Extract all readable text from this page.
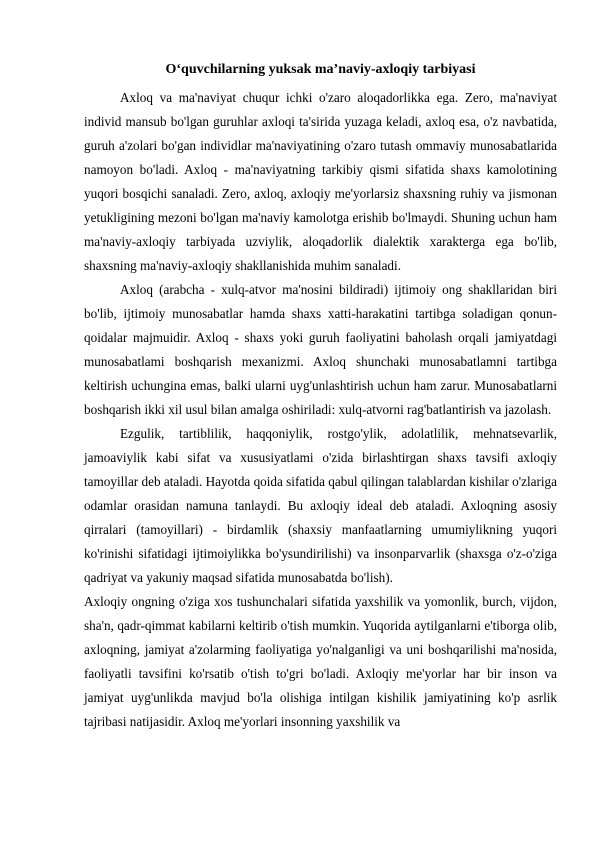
O‘quvchilarning yuksak ma’naviy-axloqiy tarbiyasi

Axloq va ma'naviyat chuqur ichki o'zaro aloqadorlikka ega. Zero, ma'naviyat individ mansub bo'lgan guruhlar axloqi ta'sirida yuzaga keladi, axloq esa, o'z navbatida, guruh a'zolari bo'gan individlar ma'naviyatining o'zaro tutash ommaviy munosabatlarida namoyon bo'ladi. Axloq - ma'naviyatning tarkibiy qismi sifatida shaxs kamolotining yuqori bosqichi sanaladi. Zero, axloq, axloqiy me'yorlarsiz shaxsning ruhiy va jismonan yetukligining mezoni bo'lgan ma'naviy kamolotga erishib bo'lmaydi. Shuning uchun ham ma'naviy-axloqiy tarbiyada uzviylik, aloqadorlik dialektik xarakterga ega bo'lib, shaxsning ma'naviy-axloqiy shakllanishida muhim sanaladi.

Axloq (arabcha - xulq-atvor ma'nosini bildiradi) ijtimoiy ong shakllaridan biri bo'lib, ijtimoiy munosabatlar hamda shaxs xatti-harakatini tartibga soladigan qonun-qoidalar majmuidir. Axloq - shaxs yoki guruh faoliyatini baholash orqali jamiyatdagi munosabatlami boshqarish mexanizmi. Axloq shunchaki munosabatlamni tartibga keltirish uchungina emas, balki ularni uyg'unlashtirish uchun ham zarur. Munosabatlarni boshqarish ikki xil usul bilan amalga oshiriladi: xulq-atvorni rag'batlantirish va jazolash.

Ezgulik, tartiblilik, haqqoniylik, rostgo'ylik, adolatlilik, mehnatsevarlik, jamoaviylik kabi sifat va xususiyatlami o'zida birlashtirgan shaxs tavsifi axloqiy tamoyillar deb ataladi. Hayotda qoida sifatida qabul qilingan talablardan kishilar o'zlariga odamlar orasidan namuna tanlaydi. Bu axloqiy ideal deb ataladi. Axloqning asosiy qirralari (tamoyillari) - birdamlik (shaxsiy manfaatlarning umumiylikning yuqori ko'rinishi sifatidagi ijtimoiylikka bo'ysundirilishi) va insonparvarlik (shaxsga o'z-o'ziga qadriyat va yakuniy maqsad sifatida munosabatda bo'lish).

Axloqiy ongning o'ziga xos tushunchalari sifatida yaxshilik va yomonlik, burch, vijdon, sha'n, qadr-qimmat kabilarni keltirib o'tish mumkin. Yuqorida aytilganlarni e'tiborga olib, axloqning, jamiyat a'zolarming faoliyatiga yo'nalganligi va uni boshqarilishi ma'nosida, faoliyatli tavsifini ko'rsatib o'tish to'gri bo'ladi. Axloqiy me'yorlar har bir inson va jamiyat uyg'unlikda mavjud bo'la olishiga intilgan kishilik jamiyatining ko'p asrlik tajribasi natijasidir. Axloq me'yorlari insonning yaxshilik va
